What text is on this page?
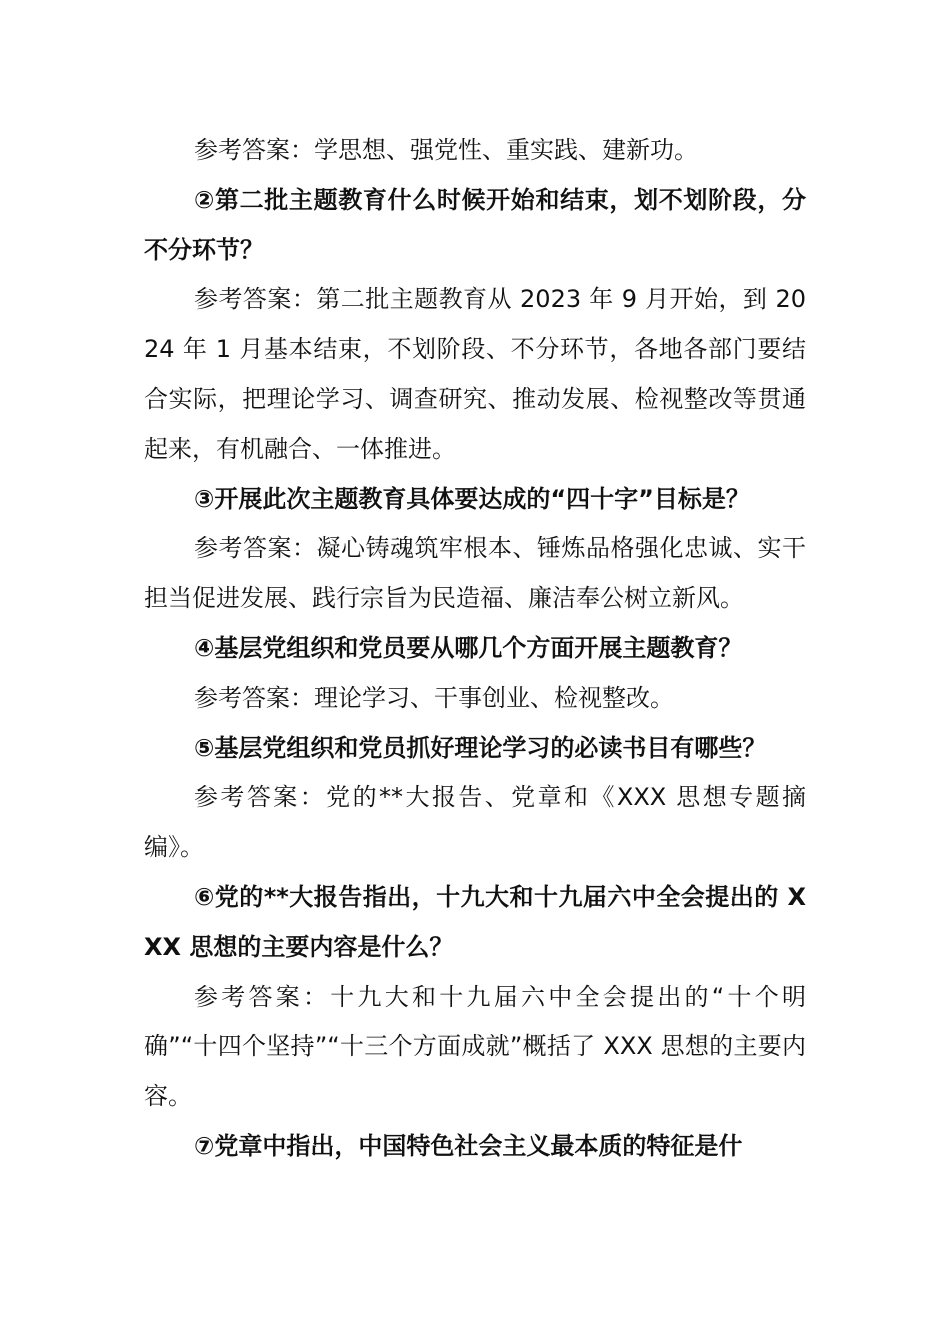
参考答案：学思想、强党性、重实践、建新功。

②第二批主题教育什么时候开始和结束，划不划阶段，分不分环节？

参考答案：第二批主题教育从 2023 年 9 月开始，到 2024 年 1 月基本结束，不划阶段、不分环节，各地各部门要结合实际，把理论学习、调查研究、推动发展、检视整改等贯通起来，有机融合、一体推进。

③开展此次主题教育具体要达成的“四十字”目标是？

参考答案：凝心铸魂筑牢根本、锤炼品格强化忠诚、实干担当促进发展、践行宗旨为民造福、廉洁奉公树立新风。

④基层党组织和党员要从哪几个方面开展主题教育？

参考答案：理论学习、干事创业、检视整改。

⑤基层党组织和党员抓好理论学习的必读书目有哪些？

参考答案：党的**大报告、党章和《XXX 思想专题摘编》。

⑥党的**大报告指出，十九大和十九届六中全会提出的 XXX 思想的主要内容是什么？

参考答案：十九大和十九届六中全会提出的“十个明确”“十四个坚持”“十三个方面成就”概括了 XXX 思想的主要内容。

⑦党章中指出，中国特色社会主义最本质的特征是什
